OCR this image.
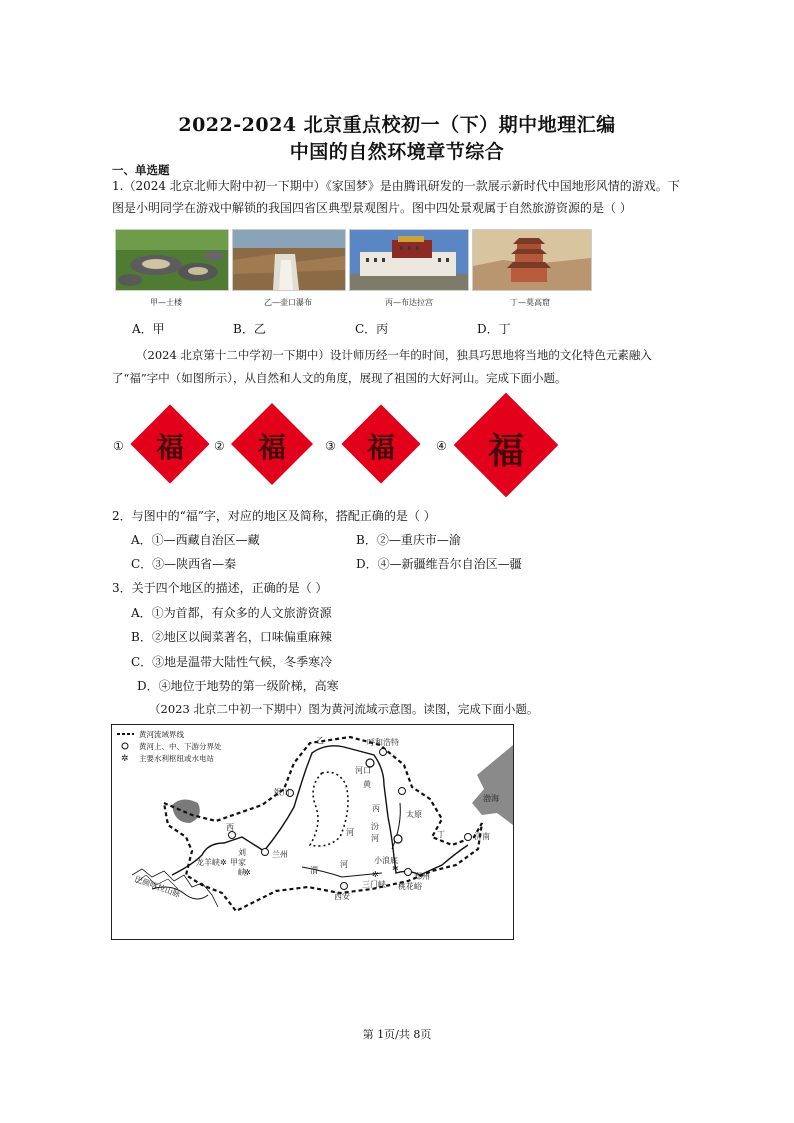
2022-2024 北京重点校初一（下）期中地理汇编
中国的自然环境章节综合
一、单选题
1.（2024 北京北师大附中初一下期中）《家国梦》是由腾讯研发的一款展示新时代中国地形风情的游戏。下
图是小明同学在游戏中解锁的我国四省区典型景观图片。图中四处景观属于自然旅游资源的是（ ）
甲—土楼	乙—壶口瀑布	丙—布达拉宫	丁—莫高窟
A．甲	B．乙	C．丙	D．丁
（2024 北京第十二中学初一下期中）设计师历经一年的时间，独具巧思地将当地的文化特色元素融入
了“福”字中（如图所示），从自然和人文的角度，展现了祖国的大好河山。完成下面小题。
①	福	②	福	③	福	④	福
2．与图中的“福”字，对应的地区及简称，搭配正确的是（ ）
A．①—西藏自治区—藏	B．②—重庆市—渝
C．③—陕西省—秦	D．④—新疆维吾尔自治区—疆
3．关于四个地区的描述，正确的是（ ）
A．①为首都，有众多的人文旅游资源
B．②地区以闽菜著名，口味偏重麻辣
C．③地是温带大陆性气候，冬季寒冷
D．④地位于地势的第一级阶梯，高寒
（2023 北京二中初一下期中）图为黄河流域示意图。读图，完成下面小题。
黄河流域界线
黄河上、中、下游分界处
✲ 主要水利枢纽或水电站
✲
✲	✲
✲
乙	呼和浩特
河口
黄
丙
太原
银川
渤海
河
汾
河	丁	济南
西
兰州
甲
龙羊峡
刘
家
峡
河
渭
小浪底
郑州
三门峡 桃花峪
西安
巴颜喀拉山脉
第 1页/共 8页
